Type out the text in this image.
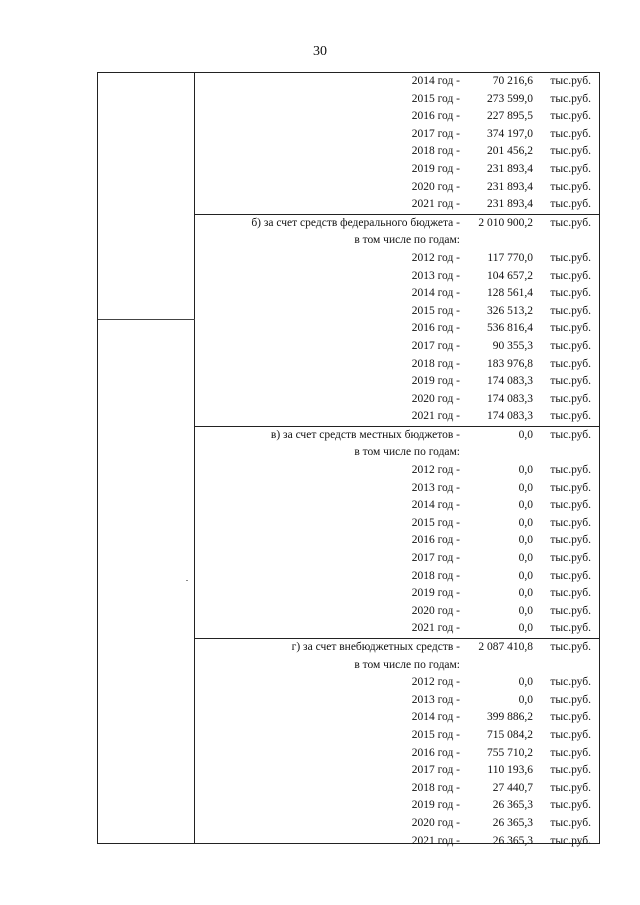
30
2014 год -	70 216,6 тыс.руб.
2015 год - 273 599,0 тыс.руб.
2016 год - 227 895,5 тыс.руб.
2017 год - 374 197,0 тыс.руб.
2018 год - 201 456,2 тыс.руб.
2019 год - 231 893,4 тыс.руб.
2020 год - 231 893,4 тыс.руб.
2021 год - 231 893,4 тыс.руб.
б) за счет средств федерального бюджета - 2 010 900,2 тыс.руб.
в том числе по годам:
2012 год - 117 770,0 тыс.руб.
2013 год - 104 657,2 тыс.руб.
2014 год - 128 561,4 тыс.руб.
2015 год - 326 513,2 тыс.руб.
2016 год - 536 816,4 тыс.руб.
2017 год -	90 355,3 тыс.руб.
2018 год - 183 976,8 тыс.руб.
2019 год - 174 083,3 тыс.руб.
2020 год - 174 083,3 тыс.руб.
2021 год - 174 083,3 тыс.руб.
в) за счет средств местных бюджетов -	0,0 тыс.руб.
в том числе по годам:
2012 год -	0,0 тыс.руб.
2013 год -	0,0 тыс.руб.
2014 год -	0,0 тыс.руб.
2015 год -	0,0 тыс.руб.
2016 год -	0,0 тыс.руб.
2017 год -	0,0 тыс.руб.
2018 год -	0,0 тыс.руб.
2019 год -	0,0 тыс.руб.
2020 год -	0,0 тыс.руб.
2021 год -	0,0 тыс.руб.
г) за счет внебюджетных средств - 2 087 410,8 тыс.руб.
в том числе по годам:
2012 год -	0,0 тыс.руб.
2013 год -	0,0 тыс.руб.
2014 год - 399 886,2 тыс.руб.
2015 год - 715 084,2 тыс.руб.
2016 год - 755 710,2 тыс.руб.
2017 год - 110 193,6 тыс.руб.
2018 год -	27 440,7 тыс.руб.
2019 год -	26 365,3 тыс.руб.
2020 год -	26 365,3 тыс.руб.
2021 год -	26 365,3 тыс.руб.
